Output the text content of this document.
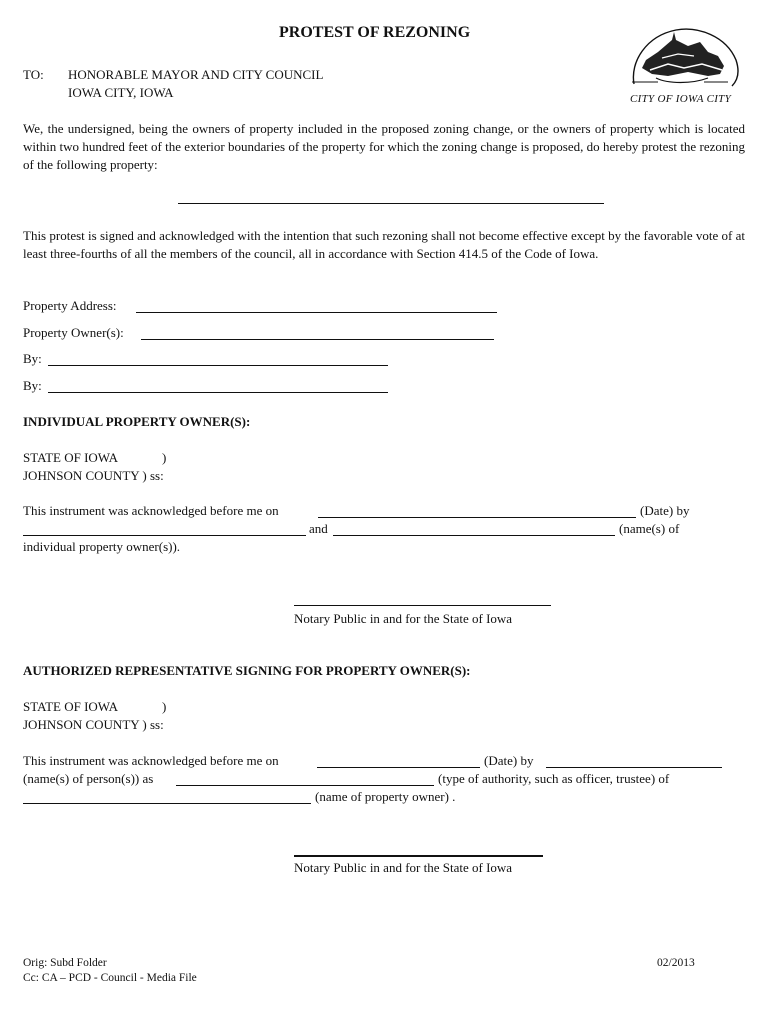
PROTEST OF REZONING
CITY OF IOWA CITY
TO: HONORABLE MAYOR AND CITY COUNCIL
IOWA CITY, IOWA

We, the undersigned, being the owners of property included in the proposed zoning change, or the owners of property which is located within two hundred feet of the exterior boundaries of the property for which the zoning change is proposed, do hereby protest the rezoning of the following property:

This protest is signed and acknowledged with the intention that such rezoning shall not become effective except by the favorable vote of at least three-fourths of all the members of the council, all in accordance with Section 414.5 of the Code of Iowa.

Property Address:
Property Owner(s):
By:
By:
INDIVIDUAL PROPERTY OWNER(S):
STATE OF IOWA	)
JOHNSON COUNTY ) ss:
This instrument was acknowledged before me on	(Date) by
and	(name(s) of
individual property owner(s)).
Notary Public in and for the State of Iowa
AUTHORIZED REPRESENTATIVE SIGNING FOR PROPERTY OWNER(S):
STATE OF IOWA	)
JOHNSON COUNTY ) ss:
This instrument was acknowledged before me on	(Date) by
(name(s) of person(s)) as	(type of authority, such as officer, trustee) of
(name of property owner) .
Notary Public in and for the State of Iowa
Orig: Subd Folder
Cc: CA – PCD - Council - Media File
02/2013
